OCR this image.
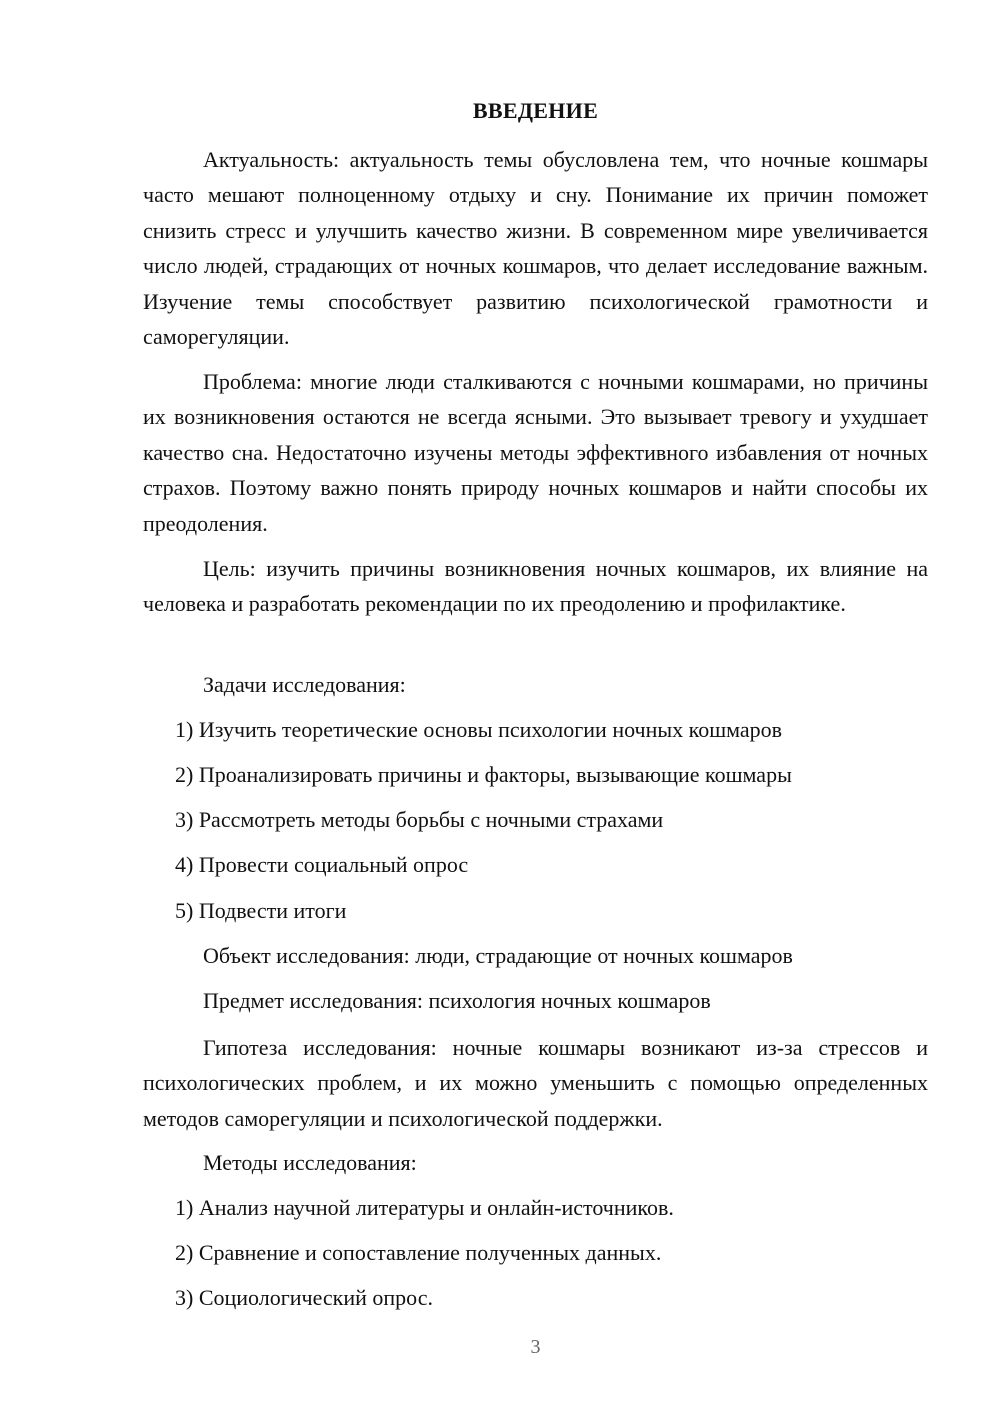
ВВЕДЕНИЕ

Актуальность: актуальность темы обусловлена тем, что ночные кошмары часто мешают полноценному отдыху и сну. Понимание их причин поможет снизить стресс и улучшить качество жизни. В современном мире увеличивается число людей, страдающих от ночных кошмаров, что делает исследование важным. Изучение темы способствует развитию психологической грамотности и саморегуляции.

Проблема: многие люди сталкиваются с ночными кошмарами, но причины их возникновения остаются не всегда ясными. Это вызывает тревогу и ухудшает качество сна. Недостаточно изучены методы эффективного избавления от ночных страхов. Поэтому важно понять природу ночных кошмаров и найти способы их преодоления.

Цель: изучить причины возникновения ночных кошмаров, их влияние на человека и разработать рекомендации по их преодолению и профилактике.

Задачи исследования:
1) Изучить теоретические основы психологии ночных кошмаров
2) Проанализировать причины и факторы, вызывающие кошмары
3) Рассмотреть методы борьбы с ночными страхами
4) Провести социальный опрос
5) Подвести итоги
Объект исследования: люди, страдающие от ночных кошмаров
Предмет исследования: психология ночных кошмаров

Гипотеза исследования: ночные кошмары возникают из-за стрессов и психологических проблем, и их можно уменьшить с помощью определенных методов саморегуляции и психологической поддержки.

Методы исследования:
1) Анализ научной литературы и онлайн-источников.
2) Сравнение и сопоставление полученных данных.
3) Социологический опрос.
3
